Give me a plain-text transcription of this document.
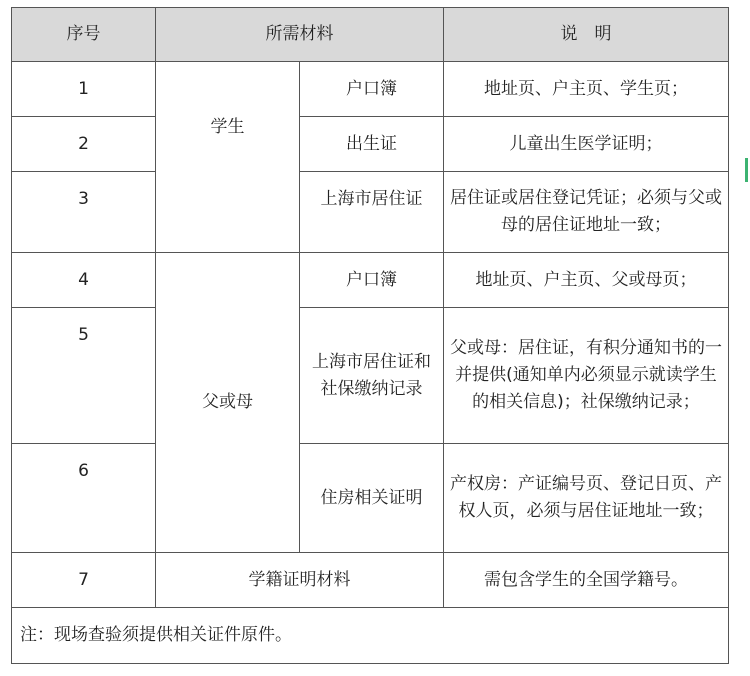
序号	所需材料		说　明
1	学生	户口簿	地址页、户主页、学生页；
2		出生证	儿童出生医学证明；
3		上海市居住证	居住证或居住登记凭证；必须与父或母的居住证地址一致；
4	父或母	户口簿	地址页、户主页、父或母页；
5		上海市居住证和社保缴纳记录	父或母：居住证，有积分通知书的一并提供(通知单内必须显示就读学生的相关信息)；社保缴纳记录；
6		住房相关证明	产权房：产证编号页、登记日页、产权人页，必须与居住证地址一致；
7	学籍证明材料		需包含学生的全国学籍号。
注：现场查验须提供相关证件原件。			
